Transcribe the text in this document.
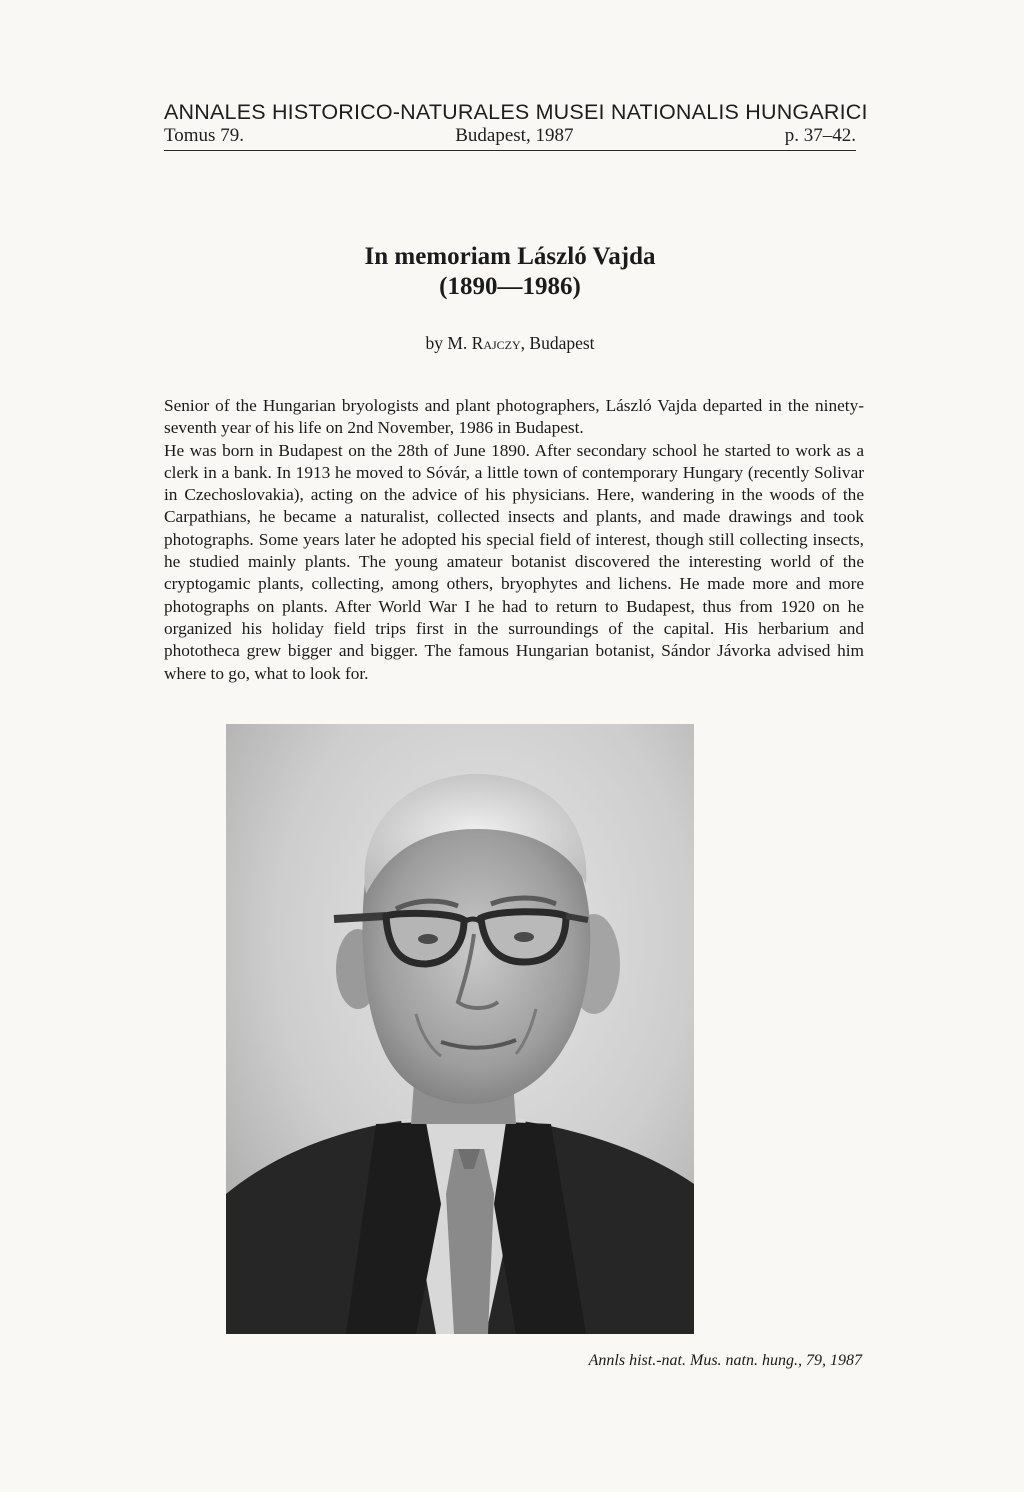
ANNALES HISTORICO-NATURALES MUSEI NATIONALIS HUNGARICI
Tomus 79.	Budapest, 1987	p. 37–42.
In memoriam László Vajda
(1890—1986)
by M. Rajczy, Budapest

Senior of the Hungarian bryologists and plant photographers, László Vajda departed in the ninety-seventh year of his life on 2nd November, 1986 in Budapest.

He was born in Budapest on the 28th of June 1890. After secondary school he started to work as a clerk in a bank. In 1913 he moved to Sóvár, a little town of contemporary Hungary (recently Solivar in Czechoslovakia), acting on the advice of his physicians. Here, wandering in the woods of the Carpathians, he became a naturalist, collected insects and plants, and made drawings and took photographs. Some years later he adopted his special field of interest, though still collecting insects, he studied mainly plants. The young amateur botanist discovered the interesting world of the cryptogamic plants, collecting, among others, bryophytes and lichens. He made more and more photographs on plants. After World War I he had to return to Budapest, thus from 1920 on he organized his holiday field trips first in the surroundings of the capital. His herbarium and phototheca grew bigger and bigger. The famous Hungarian botanist, Sándor Jávorka advised him where to go, what to look for.

Annls hist.-nat. Mus. natn. hung., 79, 1987
